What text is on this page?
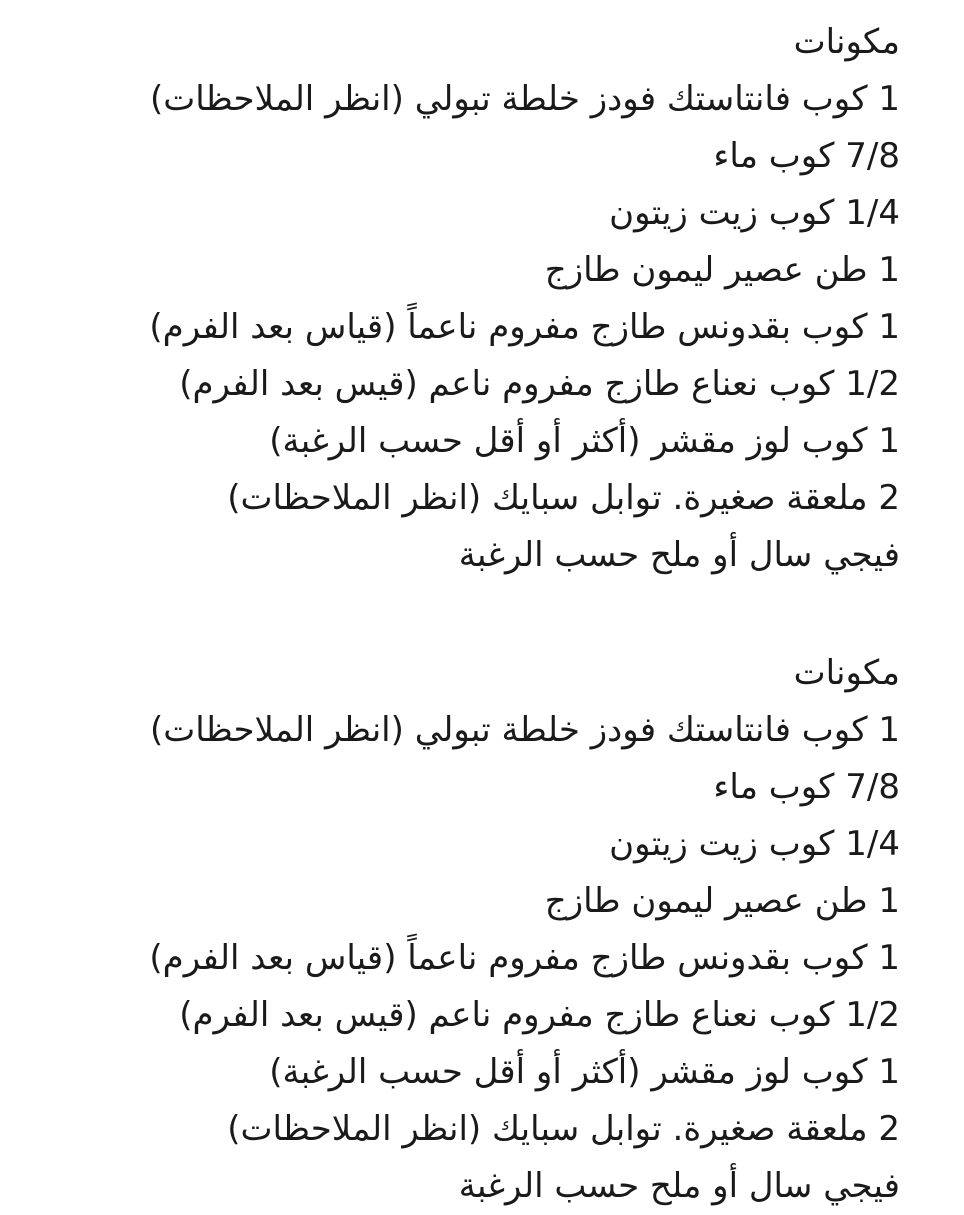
مكونات
1 كوب فانتاستك فودز خلطة تبولي (انظر الملاحظات)
7/8 كوب ماء
1/4 كوب زيت زيتون
1 طن عصير ليمون طازج
1 كوب بقدونس طازج مفروم ناعماً (قياس بعد الفرم)
1/2 كوب نعناع طازج مفروم ناعم (قيس بعد الفرم)
1 كوب لوز مقشر (أكثر أو أقل حسب الرغبة)
2 ملعقة صغيرة. توابل سبايك (انظر الملاحظات)
فيجي سال أو ملح حسب الرغبة
مكونات
1 كوب فانتاستك فودز خلطة تبولي (انظر الملاحظات)
7/8 كوب ماء
1/4 كوب زيت زيتون
1 طن عصير ليمون طازج
1 كوب بقدونس طازج مفروم ناعماً (قياس بعد الفرم)
1/2 كوب نعناع طازج مفروم ناعم (قيس بعد الفرم)
1 كوب لوز مقشر (أكثر أو أقل حسب الرغبة)
2 ملعقة صغيرة. توابل سبايك (انظر الملاحظات)
فيجي سال أو ملح حسب الرغبة
